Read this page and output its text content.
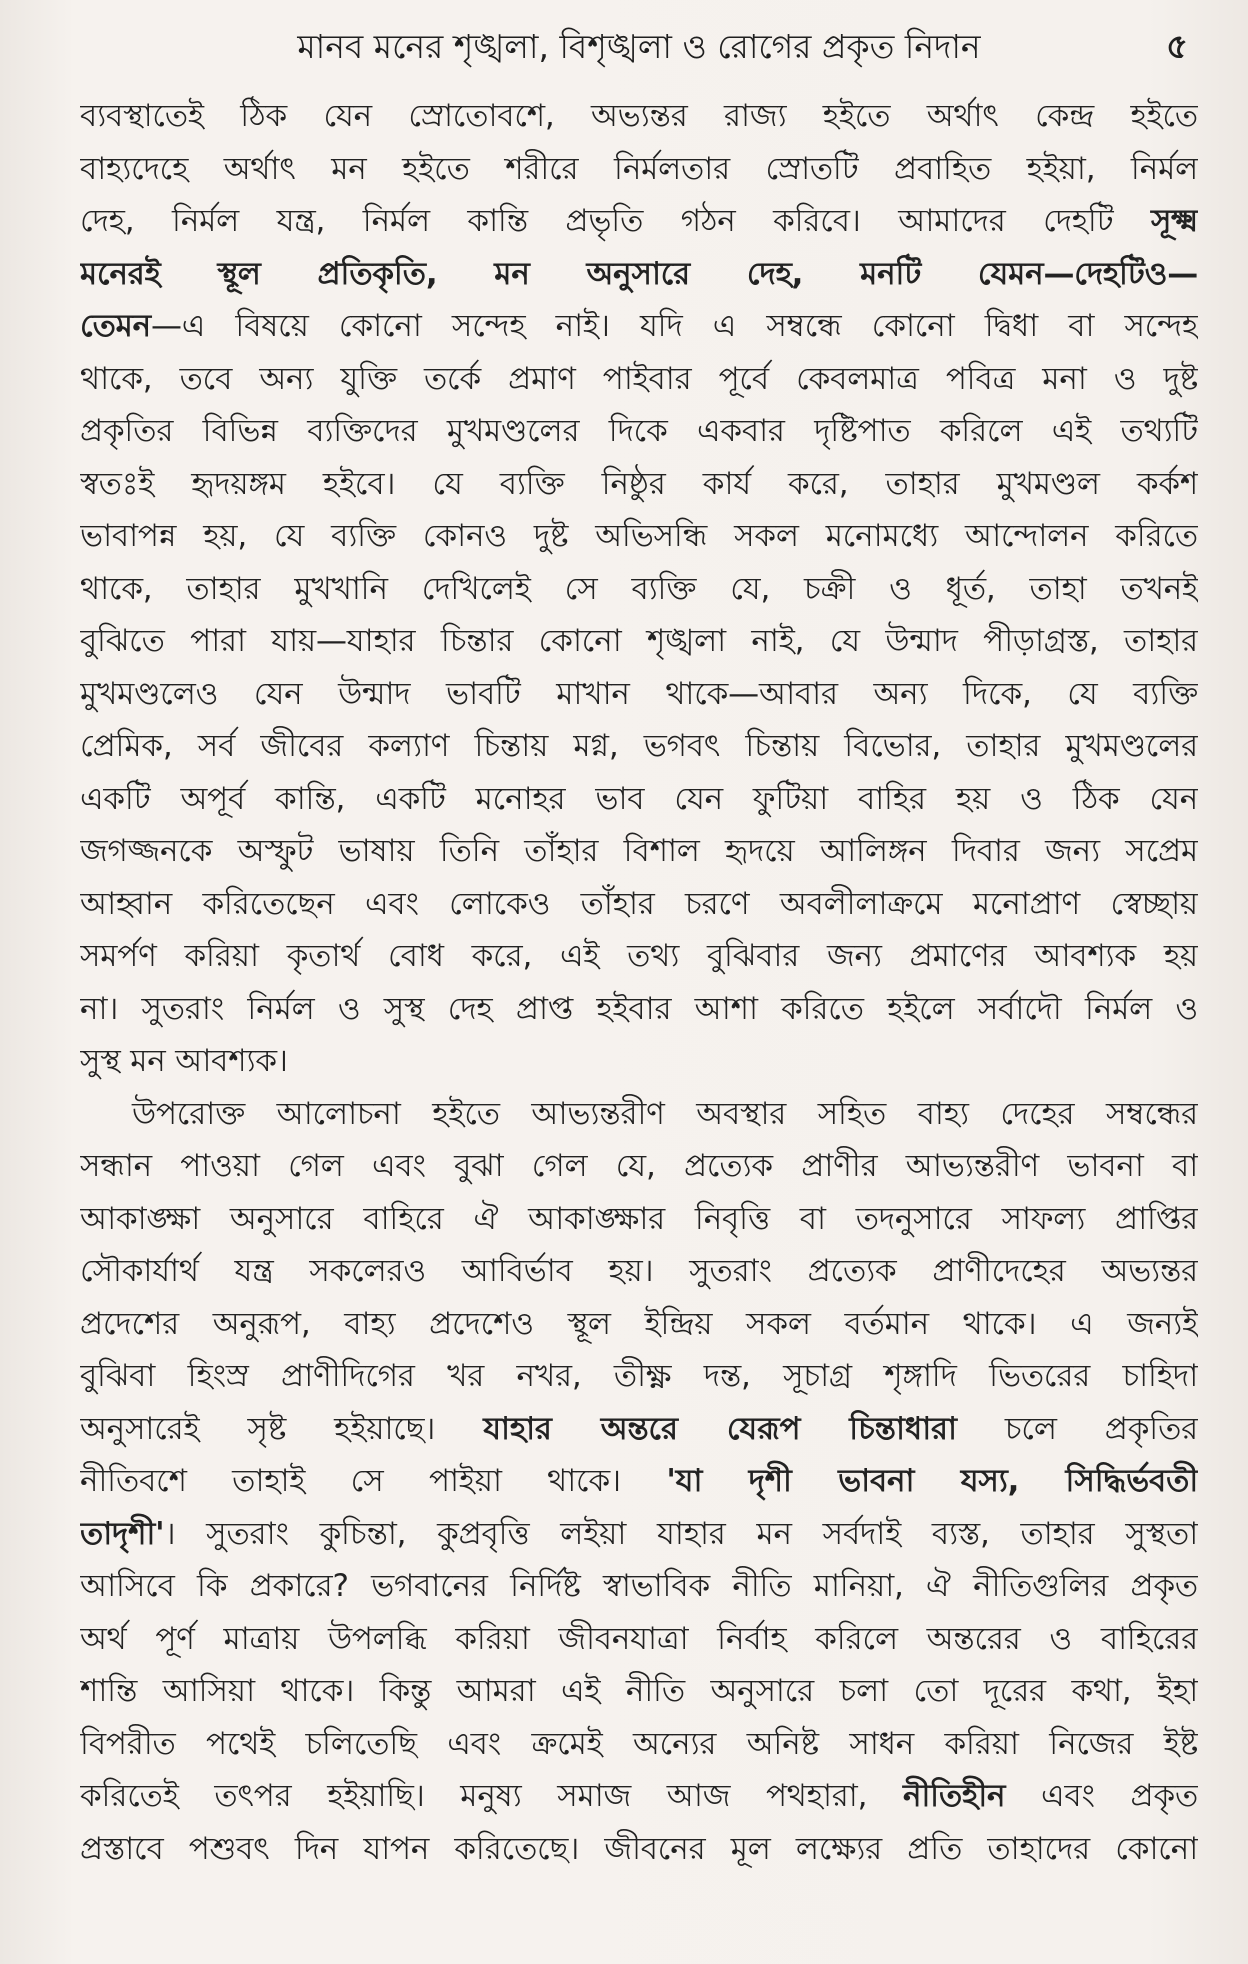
মানব মনের শৃঙ্খলা, বিশৃঙ্খলা ও রোগের প্রকৃত নিদান	৫
ব্যবস্থাতেই ঠিক যেন স্রোতোবশে, অভ্যন্তর রাজ্য হইতে অর্থাৎ কেন্দ্র হইতে
বাহ্যদেহে অর্থাৎ মন হইতে শরীরে নির্মলতার স্রোতটি প্রবাহিত হইয়া, নির্মল
দেহ, নির্মল যন্ত্র, নির্মল কান্তি প্রভৃতি গঠন করিবে। আমাদের দেহটি সূক্ষ্ম
মনেরই স্থূল প্রতিকৃতি, মন অনুসারে দেহ, মনটি যেমন—দেহটিও—
তেমন—এ বিষয়ে কোনো সন্দেহ নাই। যদি এ সম্বন্ধে কোনো দ্বিধা বা সন্দেহ
থাকে, তবে অন্য যুক্তি তর্কে প্রমাণ পাইবার পূর্বে কেবলমাত্র পবিত্র মনা ও দুষ্ট
প্রকৃতির বিভিন্ন ব্যক্তিদের মুখমণ্ডলের দিকে একবার দৃষ্টিপাত করিলে এই তথ্যটি
স্বতঃই হৃদয়ঙ্গম হইবে। যে ব্যক্তি নিষ্ঠুর কার্য করে, তাহার মুখমণ্ডল কর্কশ
ভাবাপন্ন হয়, যে ব্যক্তি কোনও দুষ্ট অভিসন্ধি সকল মনোমধ্যে আন্দোলন করিতে
থাকে, তাহার মুখখানি দেখিলেই সে ব্যক্তি যে, চক্রী ও ধূর্ত, তাহা তখনই
বুঝিতে পারা যায়—যাহার চিন্তার কোনো শৃঙ্খলা নাই, যে উন্মাদ পীড়াগ্রস্ত, তাহার
মুখমণ্ডলেও যেন উন্মাদ ভাবটি মাখান থাকে—আবার অন্য দিকে, যে ব্যক্তি
প্রেমিক, সর্ব জীবের কল্যাণ চিন্তায় মগ্ন, ভগবৎ চিন্তায় বিভোর, তাহার মুখমণ্ডলের
একটি অপূর্ব কান্তি, একটি মনোহর ভাব যেন ফুটিয়া বাহির হয় ও ঠিক যেন
জগজ্জনকে অস্ফুট ভাষায় তিনি তাঁহার বিশাল হৃদয়ে আলিঙ্গন দিবার জন্য সপ্রেম
আহ্বান করিতেছেন এবং লোকেও তাঁহার চরণে অবলীলাক্রমে মনোপ্রাণ স্বেচ্ছায়
সমর্পণ করিয়া কৃতার্থ বোধ করে, এই তথ্য বুঝিবার জন্য প্রমাণের আবশ্যক হয়
না। সুতরাং নির্মল ও সুস্থ দেহ প্রাপ্ত হইবার আশা করিতে হইলে সর্বাদৌ নির্মল ও
সুস্থ মন আবশ্যক।
উপরোক্ত আলোচনা হইতে আভ্যন্তরীণ অবস্থার সহিত বাহ্য দেহের সম্বন্ধের
সন্ধান পাওয়া গেল এবং বুঝা গেল যে, প্রত্যেক প্রাণীর আভ্যন্তরীণ ভাবনা বা
আকাঙ্ক্ষা অনুসারে বাহিরে ঐ আকাঙ্ক্ষার নিবৃত্তি বা তদনুসারে সাফল্য প্রাপ্তির
সৌকার্যার্থ যন্ত্র সকলেরও আবির্ভাব হয়। সুতরাং প্রত্যেক প্রাণীদেহের অভ্যন্তর
প্রদেশের অনুরূপ, বাহ্য প্রদেশেও স্থূল ইন্দ্রিয় সকল বর্তমান থাকে। এ জন্যই
বুঝিবা হিংস্র প্রাণীদিগের খর নখর, তীক্ষ্ণ দন্ত, সূচাগ্র শৃঙ্গাদি ভিতরের চাহিদা
অনুসারেই সৃষ্ট হইয়াছে। যাহার অন্তরে যেরূপ চিন্তাধারা চলে প্রকৃতির
নীতিবশে তাহাই সে পাইয়া থাকে। 'যা দৃশী ভাবনা যস্য, সিদ্ধির্ভবতী
তাদৃশী'। সুতরাং কুচিন্তা, কুপ্রবৃত্তি লইয়া যাহার মন সর্বদাই ব্যস্ত, তাহার সুস্থতা
আসিবে কি প্রকারে? ভগবানের নির্দিষ্ট স্বাভাবিক নীতি মানিয়া, ঐ নীতিগুলির প্রকৃত
অর্থ পূর্ণ মাত্রায় উপলব্ধি করিয়া জীবনযাত্রা নির্বাহ করিলে অন্তরের ও বাহিরের
শান্তি আসিয়া থাকে। কিন্তু আমরা এই নীতি অনুসারে চলা তো দূরের কথা, ইহা
বিপরীত পথেই চলিতেছি এবং ক্রমেই অন্যের অনিষ্ট সাধন করিয়া নিজের ইষ্ট
করিতেই তৎপর হইয়াছি। মনুষ্য সমাজ আজ পথহারা, নীতিহীন এবং প্রকৃত
প্রস্তাবে পশুবৎ দিন যাপন করিতেছে। জীবনের মূল লক্ষ্যের প্রতি তাহাদের কোনো
